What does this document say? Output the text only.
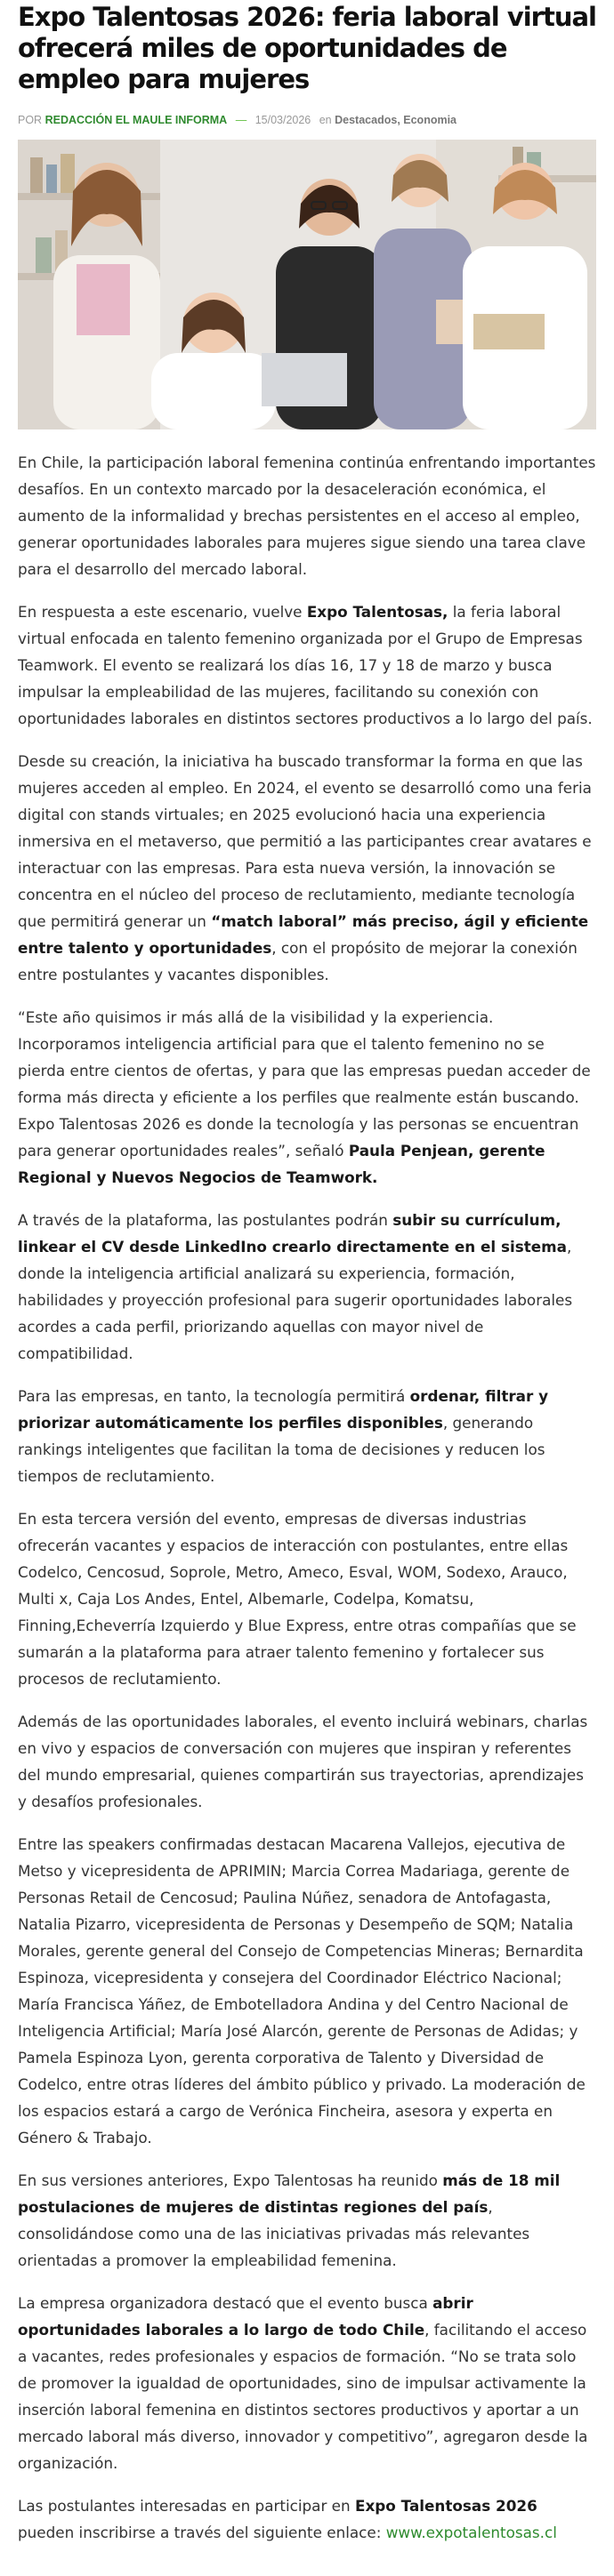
Expo Talentosas 2026: feria laboral virtual ofrecerá miles de oportunidades de empleo para mujeres
POR REDACCIÓN EL MAULE INFORMA — 15/03/2026 en Destacados, Economia

En Chile, la participación laboral femenina continúa enfrentando importantes desafíos. En un contexto marcado por la desaceleración económica, el aumento de la informalidad y brechas persistentes en el acceso al empleo, generar oportunidades laborales para mujeres sigue siendo una tarea clave para el desarrollo del mercado laboral.

En respuesta a este escenario, vuelve Expo Talentosas, la feria laboral virtual enfocada en talento femenino organizada por el Grupo de Empresas Teamwork. El evento se realizará los días 16, 17 y 18 de marzo y busca impulsar la empleabilidad de las mujeres, facilitando su conexión con oportunidades laborales en distintos sectores productivos a lo largo del país.

Desde su creación, la iniciativa ha buscado transformar la forma en que las mujeres acceden al empleo. En 2024, el evento se desarrolló como una feria digital con stands virtuales; en 2025 evolucionó hacia una experiencia inmersiva en el metaverso, que permitió a las participantes crear avatares e interactuar con las empresas. Para esta nueva versión, la innovación se concentra en el núcleo del proceso de reclutamiento, mediante tecnología que permitirá generar un “match laboral” más preciso, ágil y eficiente entre talento y oportunidades, con el propósito de mejorar la conexión entre postulantes y vacantes disponibles.

“Este año quisimos ir más allá de la visibilidad y la experiencia. Incorporamos inteligencia artificial para que el talento femenino no se pierda entre cientos de ofertas, y para que las empresas puedan acceder de forma más directa y eficiente a los perfiles que realmente están buscando. Expo Talentosas 2026 es donde la tecnología y las personas se encuentran para generar oportunidades reales”, señaló Paula Penjean, gerente Regional y Nuevos Negocios de Teamwork.

A través de la plataforma, las postulantes podrán subir su currículum, linkear el CV desde LinkedIno crearlo directamente en el sistema, donde la inteligencia artificial analizará su experiencia, formación, habilidades y proyección profesional para sugerir oportunidades laborales acordes a cada perfil, priorizando aquellas con mayor nivel de compatibilidad.

Para las empresas, en tanto, la tecnología permitirá ordenar, filtrar y priorizar automáticamente los perfiles disponibles, generando rankings inteligentes que facilitan la toma de decisiones y reducen los tiempos de reclutamiento.

En esta tercera versión del evento, empresas de diversas industrias ofrecerán vacantes y espacios de interacción con postulantes, entre ellas Codelco, Cencosud, Soprole, Metro, Ameco, Esval, WOM, Sodexo, Arauco, Multi x, Caja Los Andes, Entel, Albemarle, Codelpa, Komatsu, Finning,Echeverría Izquierdo y Blue Express, entre otras compañías que se sumarán a la plataforma para atraer talento femenino y fortalecer sus procesos de reclutamiento.

Además de las oportunidades laborales, el evento incluirá webinars, charlas en vivo y espacios de conversación con mujeres que inspiran y referentes del mundo empresarial, quienes compartirán sus trayectorias, aprendizajes y desafíos profesionales.

Entre las speakers confirmadas destacan Macarena Vallejos, ejecutiva de Metso y vicepresidenta de APRIMIN; Marcia Correa Madariaga, gerente de Personas Retail de Cencosud; Paulina Núñez, senadora de Antofagasta, Natalia Pizarro, vicepresidenta de Personas y Desempeño de SQM; Natalia Morales, gerente general del Consejo de Competencias Mineras; Bernardita Espinoza, vicepresidenta y consejera del Coordinador Eléctrico Nacional; María Francisca Yáñez, de Embotelladora Andina y del Centro Nacional de Inteligencia Artificial; María José Alarcón, gerente de Personas de Adidas; y Pamela Espinoza Lyon, gerenta corporativa de Talento y Diversidad de Codelco, entre otras líderes del ámbito público y privado. La moderación de los espacios estará a cargo de Verónica Fincheira, asesora y experta en Género & Trabajo.

En sus versiones anteriores, Expo Talentosas ha reunido más de 18 mil postulaciones de mujeres de distintas regiones del país, consolidándose como una de las iniciativas privadas más relevantes orientadas a promover la empleabilidad femenina.

La empresa organizadora destacó que el evento busca abrir oportunidades laborales a lo largo de todo Chile, facilitando el acceso a vacantes, redes profesionales y espacios de formación. “No se trata solo de promover la igualdad de oportunidades, sino de impulsar activamente la inserción laboral femenina en distintos sectores productivos y aportar a un mercado laboral más diverso, innovador y competitivo”, agregaron desde la organización.

Las postulantes interesadas en participar en Expo Talentosas 2026 pueden inscribirse a través del siguiente enlace: www.expotalentosas.cl
